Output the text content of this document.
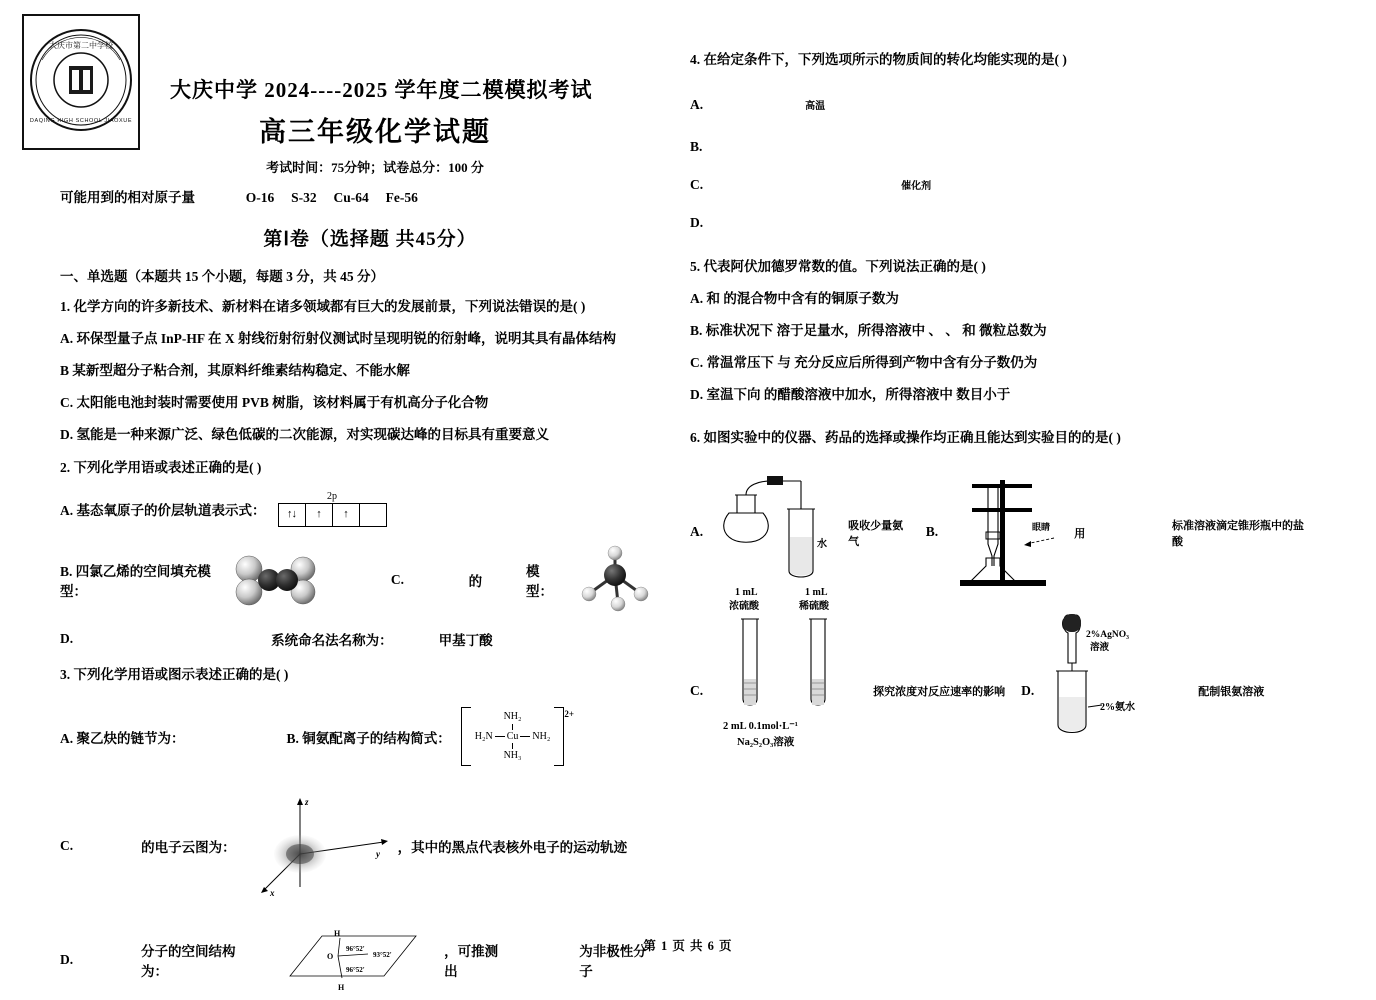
大庆市第二中学校
DAQING HIGH SCHOOL JIAOXUE
大庆中学 2024----2025 学年度二模模拟考试
高三年级化学试题
考试时间：75分钟；试卷总分：100 分
可能用到的相对原子量	O-16 S-32 Cu-64 Fe-56
第Ⅰ卷（选择题 共45分）
一、单选题（本题共 15 个小题，每题 3 分，共 45 分）
1. 化学方向的许多新技术、新材料在诸多领域都有巨大的发展前景，下列说法错误的是( )
A. 环保型量子点 InP-HF 在 X 射线衍射衍射仪测试时呈现明锐的衍射峰，说明其具有晶体结构
B 某新型超分子粘合剂，其原料纤维素结构稳定、不能水解
C. 太阳能电池封装时需要使用 PVB 树脂，该材料属于有机高分子化合物
D. 氢能是一种来源广泛、绿色低碳的二次能源，对实现碳达峰的目标具有重要意义
2. 下列化学用语或表述正确的是( )
A. 基态氧原子的价层轨道表示式：
2p
↑↓	↑	↑
B. 四氯乙烯的空间填充模型：
C.	的
模型：
D.	系统命名法名称为：	甲基丁酸
3. 下列化学用语或图示表述正确的是( )
A. 聚乙炔的链节为：	B. 铜氨配离子的结构简式：
NH₂
H₂N Cu NH₂
NH₃
2+
C.	的电子云图为：
z
y
x
，其中的黑点代表核外电子的运动轨迹
D.
分子的空间结构为：
H
O
H
96°52′
93°52′
96°52′
，可推测出
为非极性分子
4. 在给定条件下，下列选项所示的物质间的转化均能实现的是( )
A.	高温
B.
C.	催化剂
D.
5. 代表阿伏加德罗常数的值。下列说法正确的是( )
A. 和 的混合物中含有的铜原子数为
B. 标准状况下 溶于足量水，所得溶液中 、 、 和 微粒总数为
C. 常温常压下 与 充分反应后所得到产物中含有分子数仍为
D. 室温下向 的醋酸溶液中加水，所得溶液中 数目小于
6. 如图实验中的仪器、药品的选择或操作均正确且能达到实验目的的是( )
A.
水
吸收少量氨气
B.	眼睛
用
标准溶液滴定锥形瓶中的盐酸
C.
1 mL
浓硫酸
1 mL
稀硫酸
2 mL 0.1mol·L⁻¹
Na₂S₂O₃溶液
探究浓度对反应速率的影响 D.
2%AgNO₃
溶液
2%氨水
配制银氨溶液
第 1 页 共 6 页
